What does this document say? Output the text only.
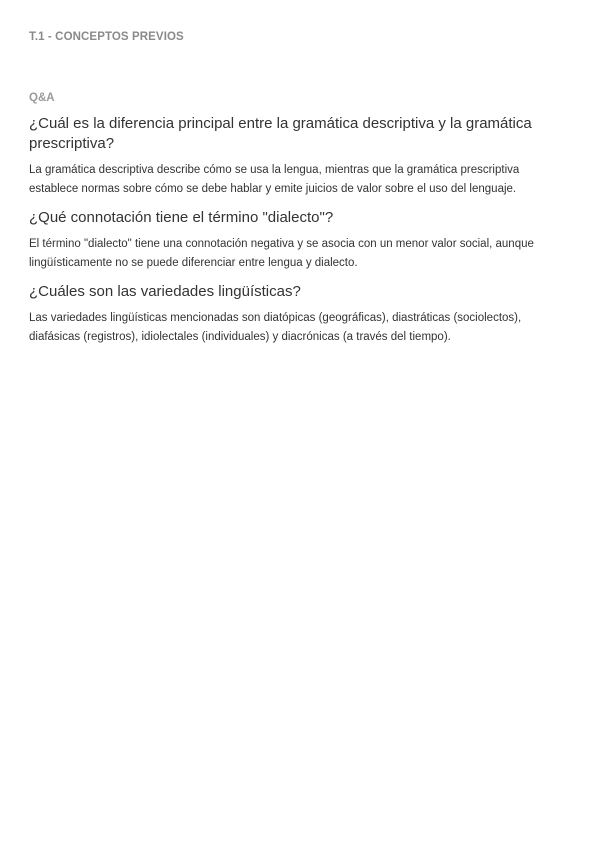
T.1 - CONCEPTOS PREVIOS
Q&A
¿Cuál es la diferencia principal entre la gramática descriptiva y la gramática prescriptiva?

La gramática descriptiva describe cómo se usa la lengua, mientras que la gramática prescriptiva establece normas sobre cómo se debe hablar y emite juicios de valor sobre el uso del lenguaje.

¿Qué connotación tiene el término "dialecto"?

El término "dialecto" tiene una connotación negativa y se asocia con un menor valor social, aunque lingüísticamente no se puede diferenciar entre lengua y dialecto.

¿Cuáles son las variedades lingüísticas?

Las variedades lingüísticas mencionadas son diatópicas (geográficas), diastráticas (sociolectos), diafásicas (registros), idiolectales (individuales) y diacrónicas (a través del tiempo).
